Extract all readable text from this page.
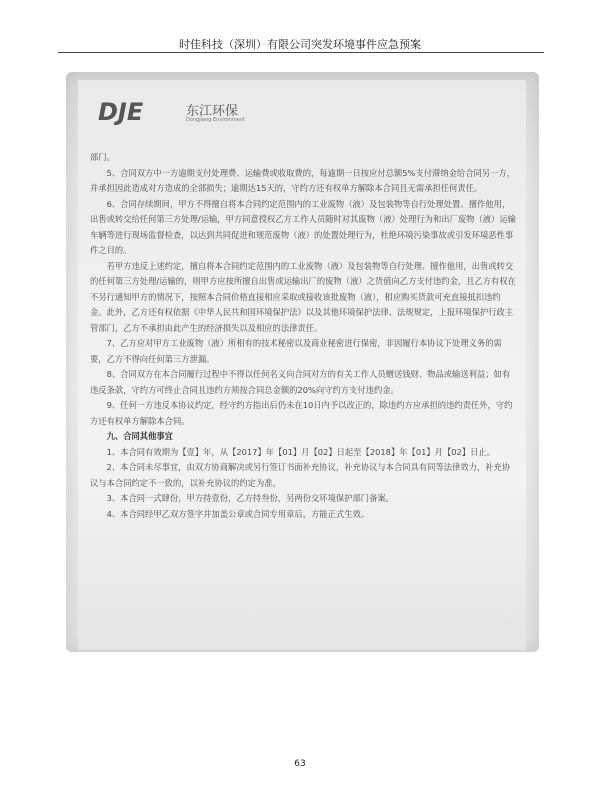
时佳科技（深圳）有限公司突发环境事件应急预案
DJE	东江环保
Dongjiang Environment

部门。

5、合同双方中一方逾期支付处理费、运输费或收取费的，每逾期一日按应付总额5%支付滞纳金给合同另一方，并承担因此造成对方造成的全部损失；逾期达15天的，守约方还有权单方解除本合同且无需承担任何责任。

6、合同存续期间，甲方不得擅自将本合同约定范围内的工业废物（液）及包装物等自行处理处置、擅作他用，出售或转交给任何第三方处理/运输，甲方同意授权乙方工作人员随时对其废物（液）处理行为和出厂废物（液）运输车辆等进行现场监督检查，以达到共同促进和规范废物（液）的处置处理行为，杜绝环境污染事故或引发环境恶性事件之目的。

若甲方违反上述约定，擅自将本合同约定范围内的工业废物（液）及包装物等自行处理、擅作他用，出售或转交的任何第三方处理/运输的，则甲方应按所擅自出售或运输出厂的废物（液）之货值向乙方支付违约金，且乙方有权在不另行通知甲方的情况下，按照本合同价格直接相应采取或接收该批废物（液），相应购买货款可充直接抵扣违约金。此外，乙方还有权依据《中华人民共和国环境保护法》以及其他环境保护法律、法规规定，上报环境保护行政主管部门，乙方不承担由此产生的经济损失以及相应的法律责任。

7、乙方应对甲方工业废物（液）所相有的技术秘密以及商业秘密进行保密，非因履行本协议下处理义务的需要，乙方不得向任何第三方泄漏。

8、合同双方在本合同履行过程中不得以任何名义向合同对方的有关工作人员赠送钱财、物品或输送利益；如有违反条款，守约方可终止合同且违约方须按合同总金额的20%向守约方支付违约金。

9、任何一方违反本协议约定，经守约方指出后仍未在10日内予以改正的，除违约方应承担的违约责任外，守约方还有权单方解除本合同。

九、合同其他事宜

1、本合同有效期为【壹】年，从【2017】年【01】月【02】日起至【2018】年【01】月【02】日止。

2、本合同未尽事宜，由双方协商解决或另行签订书面补充协议，补充协议与本合同具有同等法律效力，补充协议与本合同约定不一致的，以补充协议的约定为准。

3、本合同一式肆份，甲方持壹份，乙方持叁份，另两份交环境保护部门备案。

4、本合同经甲乙双方签字并加盖公章或合同专用章后，方能正式生效。

63
